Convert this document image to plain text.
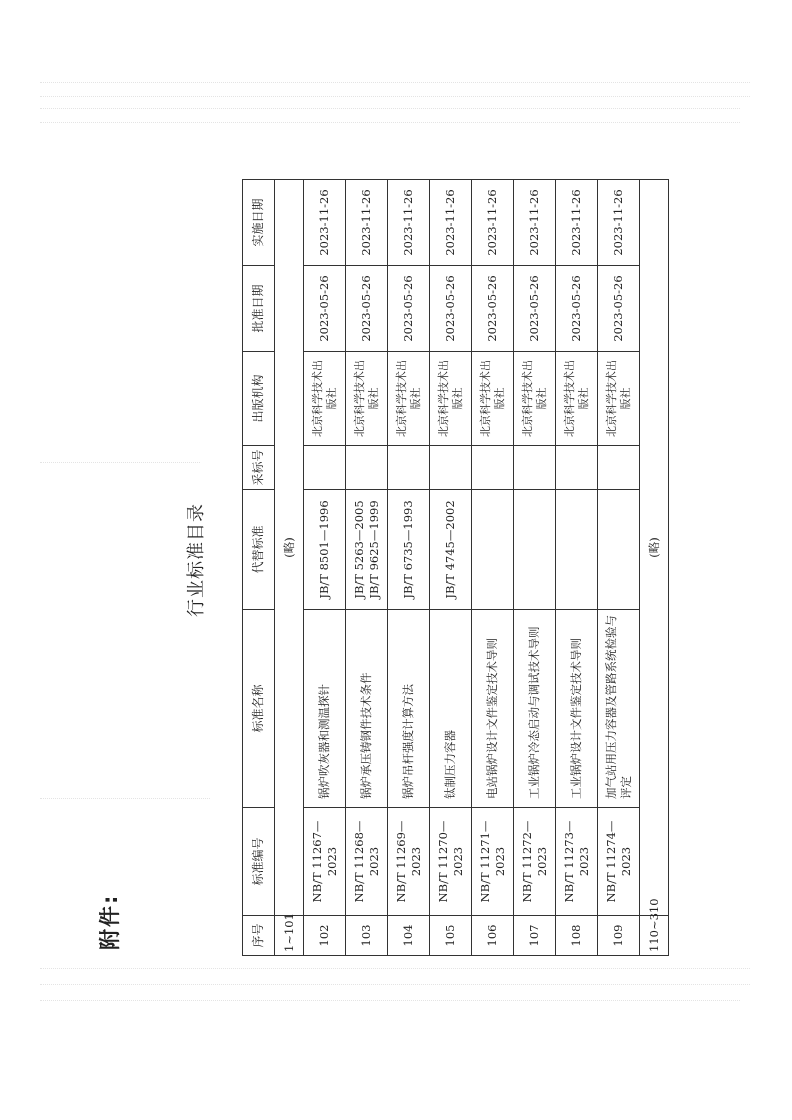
附件:
行业标准目录
序号	标准编号	标准名称	代替标准	采标号	出版机构	批准日期	实施日期
1~101	(略)						
102	NB/T 11267—2023	锅炉吹灰器和测温探针	JB/T 8501—1996		北京科学技术出版社	2023-05-26	2023-11-26
103	NB/T 11268—2023	锅炉承压铸钢件技术条件	JB/T 5263—2005 JB/T 9625—1999		北京科学技术出版社	2023-05-26	2023-11-26
104	NB/T 11269—2023	锅炉吊杆强度计算方法	JB/T 6735—1993		北京科学技术出版社	2023-05-26	2023-11-26
105	NB/T 11270—2023	钛制压力容器	JB/T 4745—2002		北京科学技术出版社	2023-05-26	2023-11-26
106	NB/T 11271—2023	电站锅炉设计文件鉴定技术导则			北京科学技术出版社	2023-05-26	2023-11-26
107	NB/T 11272—2023	工业锅炉冷态启动与调试技术导则			北京科学技术出版社	2023-05-26	2023-11-26
108	NB/T 11273—2023	工业锅炉设计文件鉴定技术导则			北京科学技术出版社	2023-05-26	2023-11-26
109	NB/T 11274—2023	加气站用压力容器及管路系统检验与评定			北京科学技术出版社	2023-05-26	2023-11-26
110~310	(略)						
